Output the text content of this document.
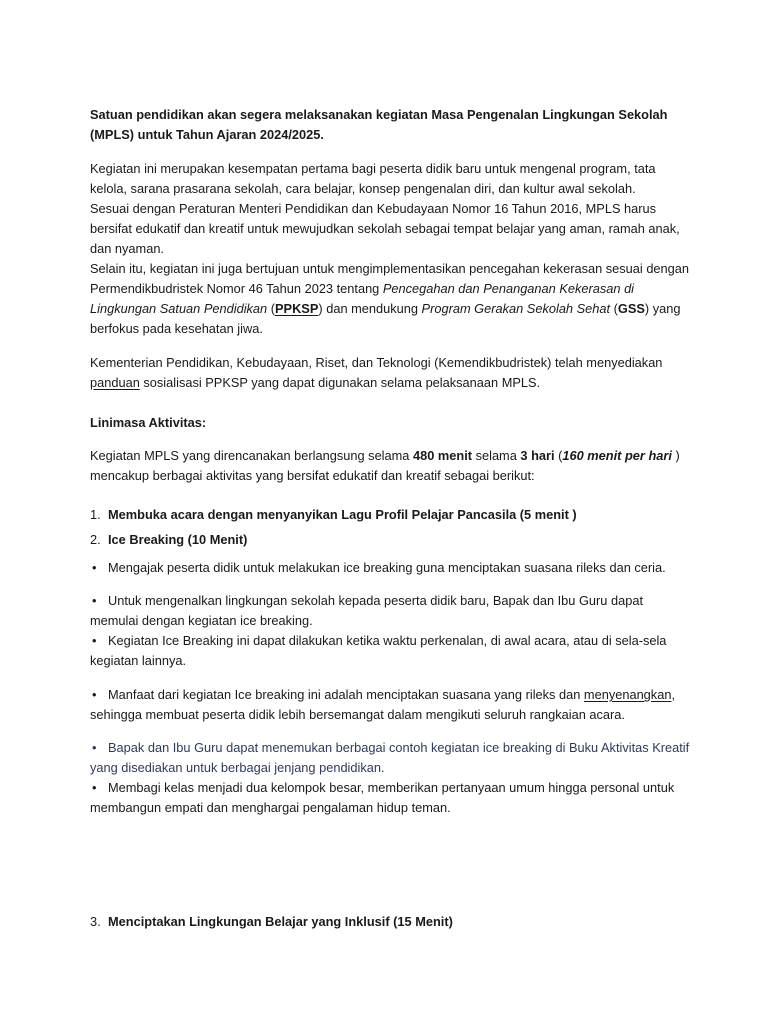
Satuan pendidikan akan segera melaksanakan kegiatan Masa Pengenalan Lingkungan Sekolah (MPLS) untuk Tahun Ajaran 2024/2025.

Kegiatan ini merupakan kesempatan pertama bagi peserta didik baru untuk mengenal program, tata kelola, sarana prasarana sekolah, cara belajar, konsep pengenalan diri, dan kultur awal sekolah.

Sesuai dengan Peraturan Menteri Pendidikan dan Kebudayaan Nomor 16 Tahun 2016, MPLS harus bersifat edukatif dan kreatif untuk mewujudkan sekolah sebagai tempat belajar yang aman, ramah anak, dan nyaman.

Selain itu, kegiatan ini juga bertujuan untuk mengimplementasikan pencegahan kekerasan sesuai dengan Permendikbudristek Nomor 46 Tahun 2023 tentang Pencegahan dan Penanganan Kekerasan di Lingkungan Satuan Pendidikan (PPKSP) dan mendukung Program Gerakan Sekolah Sehat (GSS) yang berfokus pada kesehatan jiwa.

Kementerian Pendidikan, Kebudayaan, Riset, dan Teknologi (Kemendikbudristek) telah menyediakan panduan sosialisasi PPKSP yang dapat digunakan selama pelaksanaan MPLS.

Linimasa Aktivitas:

Kegiatan MPLS yang direncanakan berlangsung selama 480 menit selama 3 hari (160 menit per hari ) mencakup berbagai aktivitas yang bersifat edukatif dan kreatif sebagai berikut:

1. Membuka acara dengan menyanyikan Lagu Profil Pelajar Pancasila (5 menit )

2. Ice Breaking (10 Menit)

• Mengajak peserta didik untuk melakukan ice breaking guna menciptakan suasana rileks dan ceria.

• Untuk mengenalkan lingkungan sekolah kepada peserta didik baru, Bapak dan Ibu Guru dapat memulai dengan kegiatan ice breaking.

• Kegiatan Ice Breaking ini dapat dilakukan ketika waktu perkenalan, di awal acara, atau di sela-sela kegiatan lainnya.

• Manfaat dari kegiatan Ice breaking ini adalah menciptakan suasana yang rileks dan menyenangkan, sehingga membuat peserta didik lebih bersemangat dalam mengikuti seluruh rangkaian acara.

• Bapak dan Ibu Guru dapat menemukan berbagai contoh kegiatan ice breaking di Buku Aktivitas Kreatif yang disediakan untuk berbagai jenjang pendidikan.

• Membagi kelas menjadi dua kelompok besar, memberikan pertanyaan umum hingga personal untuk membangun empati dan menghargai pengalaman hidup teman.

3. Menciptakan Lingkungan Belajar yang Inklusif (15 Menit)
